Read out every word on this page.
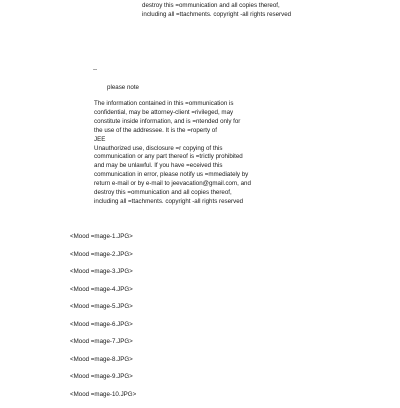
destroy this =ommunication and all copies thereof,
including all =ttachments. copyright -all rights reserved
--
please note
The information contained in this =ommunication is
confidential, may be attorney-client =rivileged, may
constitute inside information, and is =ntended only for
the use of the addressee. It is the =roperty of
JEE
Unauthorized use, disclosure =r copying of this
communication or any part thereof is =trictly prohibited
and may be unlawful. If you have =eceived this
communication in error, please notify us =mmediately by
return e-mail or by e-mail to jeevacation@gmail.com, and
destroy this =ommunication and all copies thereof,
including all =ttachments. copyright -all rights reserved
<Mood =mage-1.JPG>
<Mood =mage-2.JPG>
<Mood =mage-3.JPG>
<Mood =mage-4.JPG>
<Mood =mage-5.JPG>
<Mood =mage-6.JPG>
<Mood =mage-7.JPG>
<Mood =mage-8.JPG>
<Mood =mage-9.JPG>
<Mood =mage-10.JPG>
